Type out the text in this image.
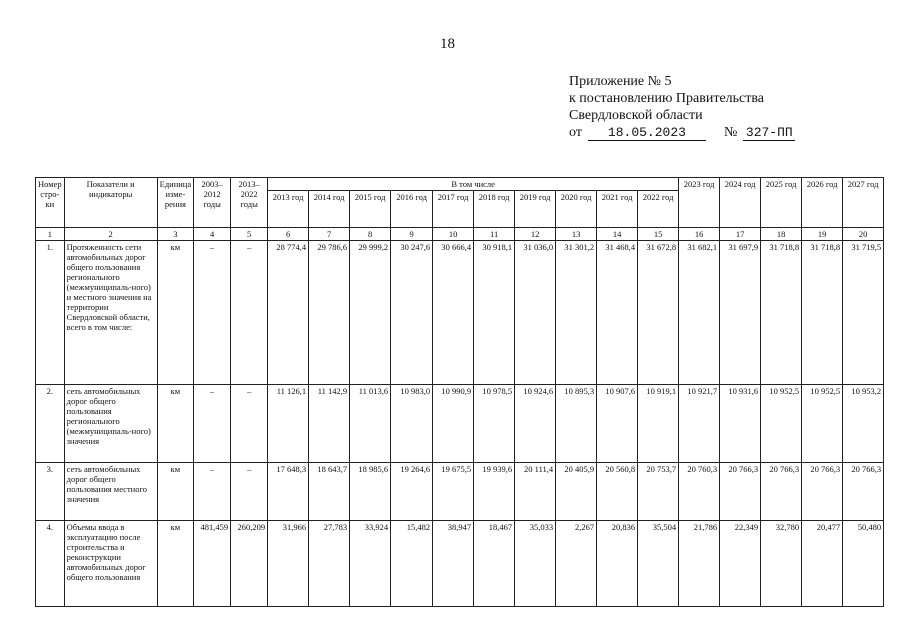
18
Приложение № 5
к постановлению Правительства
Свердловской области
от 18.05.2023	№ 327-ПП
Номер стро-ки	Показатели и индикаторы	Единица изме-рения	2003–2012 годы	2013–2022 годы	В том числе										2023 год	2024 год	2025 год	2026 год	2027 год
					2013 год	2014 год	2015 год	2016 год	2017 год	2018 год	2019 год	2020 год	2021 год	2022 год					
1	2	3	4	5	6	7	8	9	10	11	12	13	14	15	16	17	18	19	20
1.	Протяженность сети автомобильных дорог общего пользования регионального (межмуниципаль-ного) и местного значения на территории Свердловской области, всего в том числе:	км	–	–	28 774,4	29 786,6	29 999,2	30 247,6	30 666,4	30 918,1	31 036,0	31 301,2	31 468,4	31 672,8	31 682,1	31 697,9	31 718,8	31 718,8	31 719,5
2.	сеть автомобильных дорог общего пользования регионального (межмуниципаль-ного) значения	км	–	–	11 126,1	11 142,9	11 013,6	10 983,0	10 990,9	10 978,5	10 924,6	10 895,3	10 907,6	10 919,1	10 921,7	10 931,6	10 952,5	10 952,5	10 953,2
3.	сеть автомобильных дорог общего пользования местного значения	км	–	–	17 648,3	18 643,7	18 985,6	19 264,6	19 675,5	19 939,6	20 111,4	20 405,9	20 560,8	20 753,7	20 760,3	20 766,3	20 766,3	20 766,3	20 766,3
4.	Объемы ввода в эксплуатацию после строительства и реконструкции автомобильных дорог общего пользования	км	481,459	260,209	31,966	27,783	33,924	15,482	38,947	18,467	35,033	2,267	20,836	35,504	21,786	22,349	32,780	20,477	50,480
